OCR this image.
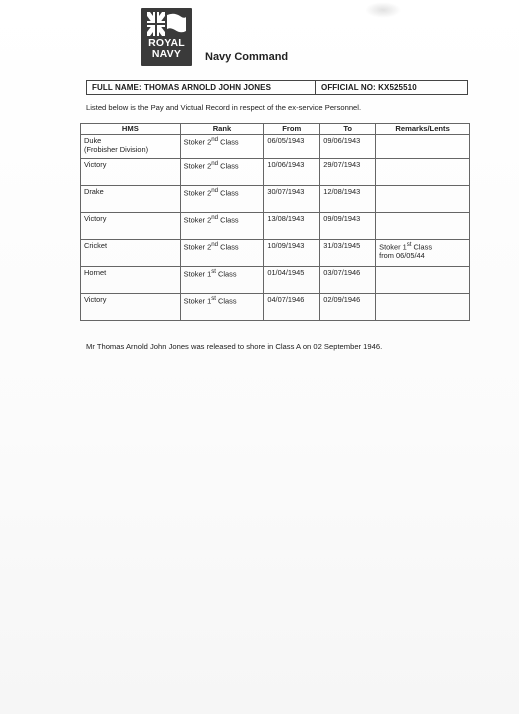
ROYAL
NAVY	Navy Command
FULL NAME: THOMAS ARNOLD JOHN JONES	OFFICIAL NO: KX525510
Listed below is the Pay and Victual Record in respect of the ex-service Personnel.
HMS	Rank	From	To	Remarks/Lents
Duke
(Frobisher Division)	Stoker 2nd Class	06/05/1943	09/06/1943	

Victory	Stoker 2nd Class	10/06/1943	29/07/1943	

Drake	Stoker 2nd Class	30/07/1943	12/08/1943	

Victory	Stoker 2nd Class	13/08/1943	09/09/1943	

Cricket	Stoker 2nd Class	10/09/1943	31/03/1945	Stoker 1st Class
from 06/05/44
Hornet	Stoker 1st Class	01/04/1945	03/07/1946	

Victory	Stoker 1st Class	04/07/1946	02/09/1946	

Mr Thomas Arnold John Jones was released to shore in Class A on 02 September 1946.
